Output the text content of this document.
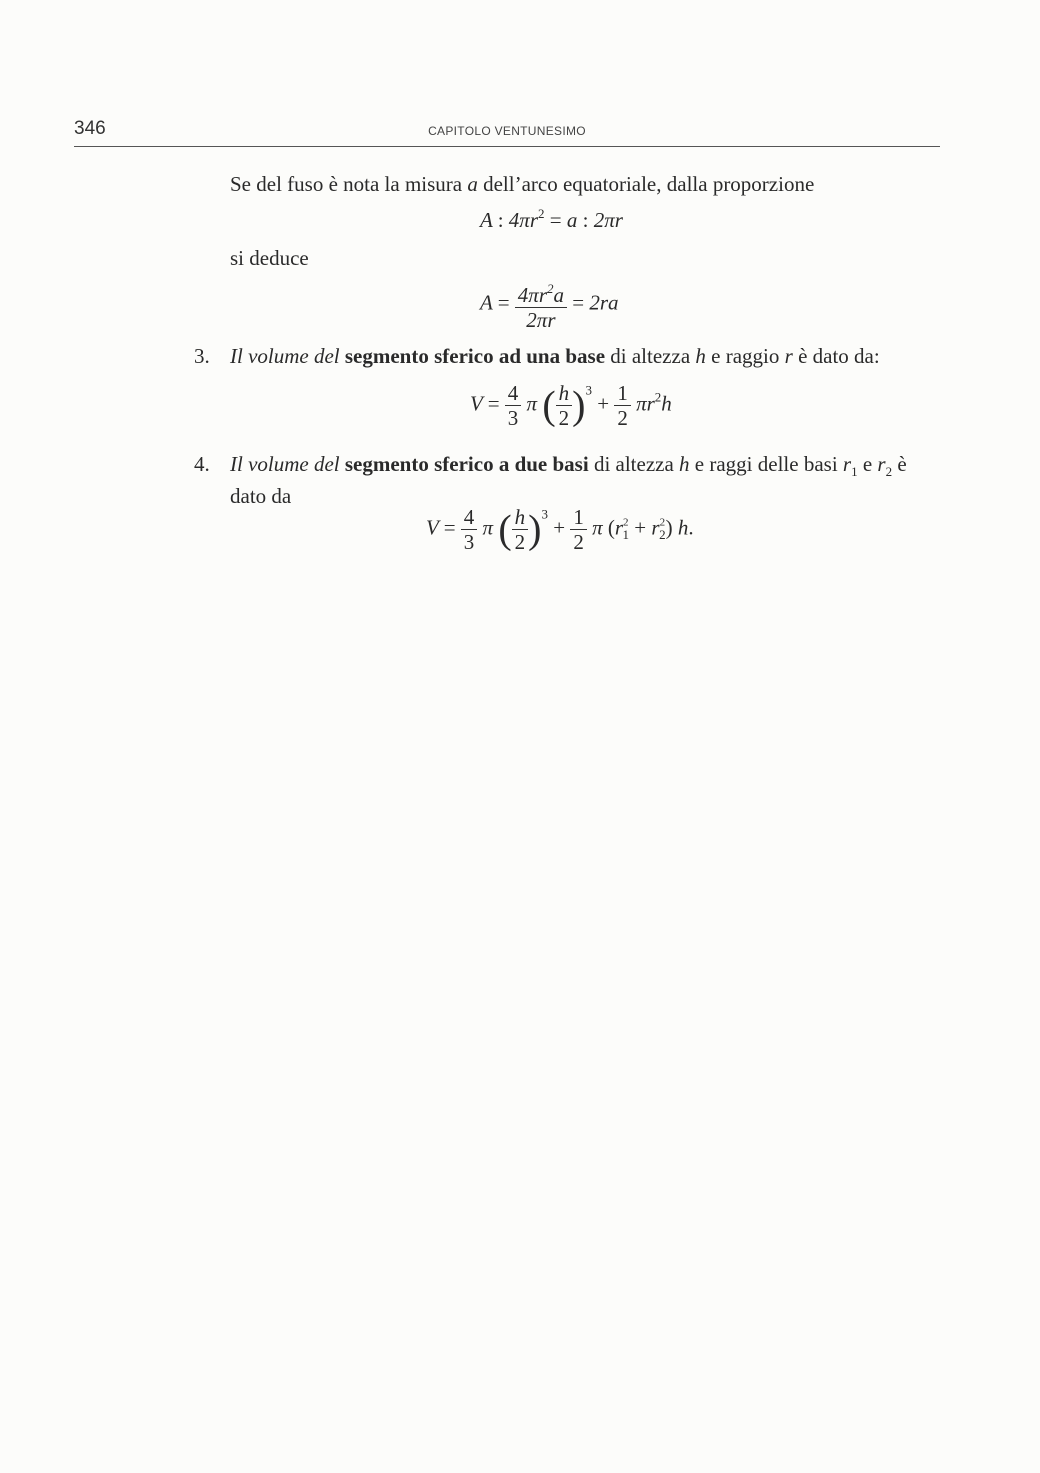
346	CAPITOLO VENTUNESIMO
Se del fuso è nota la misura a dell’arco equatoriale, dalla proporzione
A : $4\pi r^2 = a$ : 2πr
si deduce
$A = \frac{4\pi r^2a}{2\pi r} = 2ra$
3. Il volume del segmento sferico ad una base di altezza h e raggio r è dato da:
$V = \frac{4}{3}$ π ( $\frac{h}{2} )^3 + \frac{1}{2} \pi r^2h$
4. Il volume del segmento sferico a due basi di altezza h e raggi delle basi $r_1$ e $r_2$ è dato da
$V = \frac{4}{3}$ π ( $\frac{h}{2} )^3 + \frac{1}{2}$ π $(r^2_1 + r^2_2)$ h.
